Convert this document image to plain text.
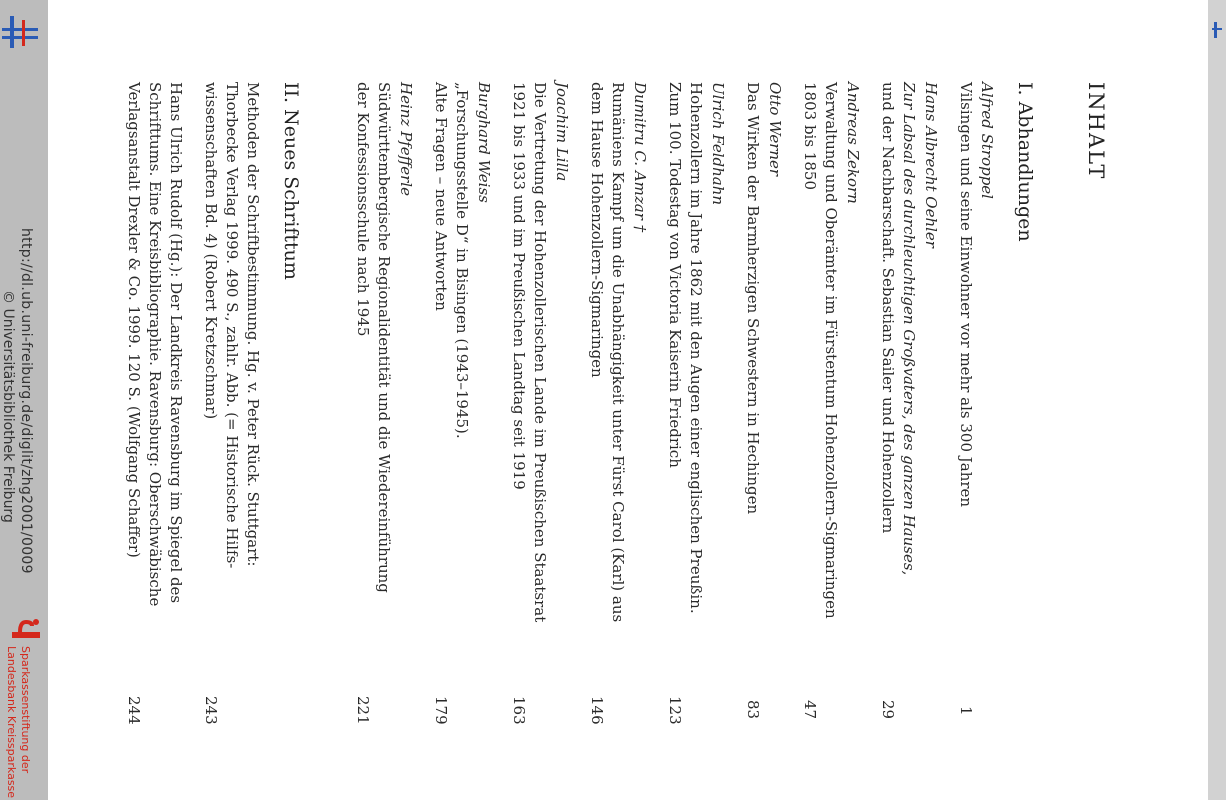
http://dl.ub.uni-freiburg.de/diglit/zhg2001/0009
© Universitätsbibliothek Freiburg
Sparkassenstiftung der
Landesbank Kreissparkasse
INHALT
I. Abhandlungen
II. Neues Schrifttum	Alfred Stroppel
Vilsingen und seine Einwohner vor mehr als 300 Jahren
1
Hans Albrecht Oehler
Zur Labsal des durchleuchtigen Großvaters, des ganzen Hauses,
und der Nachbarschaft. Sebastian Sailer und Hohenzollern
29
Andreas Zekorn
Verwaltung und Oberämter im Fürstentum Hohenzollern-Sigmaringen
1803 bis 1850
47
Otto Werner
Das Wirken der Barmherzigen Schwestern in Hechingen
83
Ulrich Feldhahn
Hohenzollern im Jahre 1862 mit den Augen einer englischen Preußin.
Zum 100. Todestag von Victoria Kaiserin Friedrich
123
Dumitru C. Amzar †
Rumäniens Kampf um die Unabhängigkeit unter Fürst Carol (Karl) aus
dem Hause Hohenzollern-Sigmaringen
146
Joachim Lilla
Die Vertretung der Hohenzollerischen Lande im Preußischen Staatsrat
1921 bis 1933 und im Preußischen Landtag seit 1919
163
Burghard Weiss
„Forschungsstelle D“ in Bisingen (1943–1945).
Alte Fragen – neue Antworten
179
Heinz Pfefferle
Südwürttembergische Regionalidentität und die Wiedereinführung
der Konfessionsschule nach 1945
221
Methoden der Schriftbestimmung. Hg. v. Peter Rück. Stuttgart:
Thorbecke Verlag 1999. 490 S., zahlr. Abb. (= Historische Hilfs-
wissenschaften Bd. 4) (Robert Kretzschmar)
243
Hans Ulrich Rudolf (Hg.): Der Landkreis Ravensburg im Spiegel des
Schrifttums. Eine Kreisbibliographie. Ravensburg: Oberschwäbische
Verlagsanstalt Drexler & Co. 1999. 120 S. (Wolfgang Schaffer)
244
